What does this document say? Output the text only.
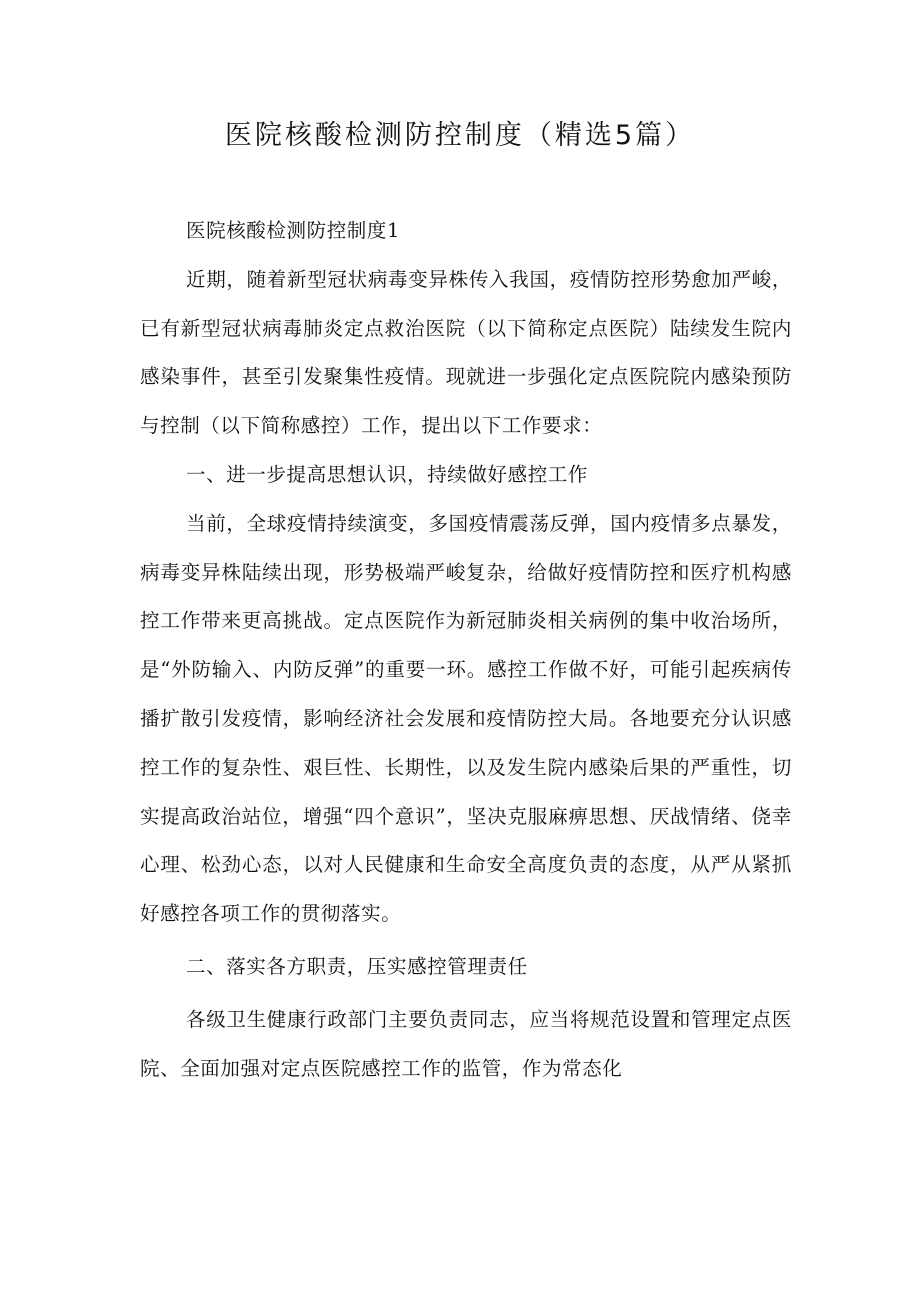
医院核酸检测防控制度（精选5篇）

医院核酸检测防控制度1

近期，随着新型冠状病毒变异株传入我国，疫情防控形势愈加严峻，已有新型冠状病毒肺炎定点救治医院（以下简称定点医院）陆续发生院内感染事件，甚至引发聚集性疫情。现就进一步强化定点医院院内感染预防与控制（以下简称感控）工作，提出以下工作要求：

一、进一步提高思想认识，持续做好感控工作

当前，全球疫情持续演变，多国疫情震荡反弹，国内疫情多点暴发，病毒变异株陆续出现，形势极端严峻复杂，给做好疫情防控和医疗机构感控工作带来更高挑战。定点医院作为新冠肺炎相关病例的集中收治场所，是“外防输入、内防反弹”的重要一环。感控工作做不好，可能引起疾病传播扩散引发疫情，影响经济社会发展和疫情防控大局。各地要充分认识感控工作的复杂性、艰巨性、长期性，以及发生院内感染后果的严重性，切实提高政治站位，增强“四个意识”，坚决克服麻痹思想、厌战情绪、侥幸心理、松劲心态，以对人民健康和生命安全高度负责的态度，从严从紧抓好感控各项工作的贯彻落实。

二、落实各方职责，压实感控管理责任

各级卫生健康行政部门主要负责同志，应当将规范设置和管理定点医院、全面加强对定点医院感控工作的监管，作为常态化
